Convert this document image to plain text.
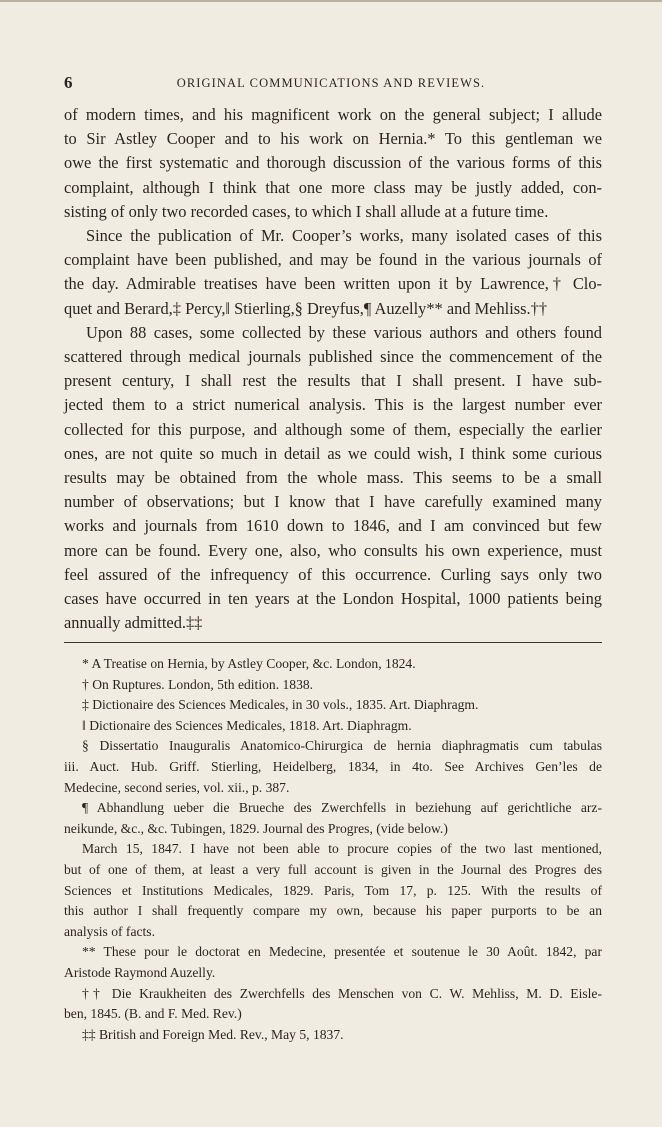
6	ORIGINAL COMMUNICATIONS AND REVIEWS.
of modern times, and his magnificent work on the general subject; I allude
to Sir Astley Cooper and to his work on Hernia.* To this gentleman we
owe the first systematic and thorough discussion of the various forms of this
complaint, although I think that one more class may be justly added, con-
sisting of only two recorded cases, to which I shall allude at a future time.
Since the publication of Mr. Cooper’s works, many isolated cases of this
complaint have been published, and may be found in the various journals of
the day. Admirable treatises have been written upon it by Lawrence,† Clo-
quet and Berard,‡ Percy,‖ Stierling,§ Dreyfus,¶ Auzelly** and Mehliss.††
Upon 88 cases, some collected by these various authors and others found
scattered through medical journals published since the commencement of the
present century, I shall rest the results that I shall present. I have sub-
jected them to a strict numerical analysis. This is the largest number ever
collected for this purpose, and although some of them, especially the earlier
ones, are not quite so much in detail as we could wish, I think some curious
results may be obtained from the whole mass. This seems to be a small
number of observations; but I know that I have carefully examined many
works and journals from 1610 down to 1846, and I am convinced but few
more can be found. Every one, also, who consults his own experience, must
feel assured of the infrequency of this occurrence. Curling says only two
cases have occurred in ten years at the London Hospital, 1000 patients being
annually admitted.‡‡
* A Treatise on Hernia, by Astley Cooper, &c. London, 1824.
† On Ruptures. London, 5th edition. 1838.
‡ Dictionaire des Sciences Medicales, in 30 vols., 1835. Art. Diaphragm.
‖ Dictionaire des Sciences Medicales, 1818. Art. Diaphragm.
§ Dissertatio Inauguralis Anatomico-Chirurgica de hernia diaphragmatis cum tabulas
iii. Auct. Hub. Griff. Stierling, Heidelberg, 1834, in 4to. See Archives Gen’les de
Medecine, second series, vol. xii., p. 387.
¶ Abhandlung ueber die Brueche des Zwerchfells in beziehung auf gerichtliche arz-
neikunde, &c., &c. Tubingen, 1829. Journal des Progres, (vide below.)
March 15, 1847. I have not been able to procure copies of the two last mentioned,
but of one of them, at least a very full account is given in the Journal des Progres des
Sciences et Institutions Medicales, 1829. Paris, Tom 17, p. 125. With the results of
this author I shall frequently compare my own, because his paper purports to be an
analysis of facts.
** These pour le doctorat en Medecine, presentée et soutenue le 30 Août. 1842, par
Aristode Raymond Auzelly.
†† Die Kraukheiten des Zwerchfells des Menschen von C. W. Mehliss, M. D. Eisle-
ben, 1845. (B. and F. Med. Rev.)
‡‡ British and Foreign Med. Rev., May 5, 1837.
